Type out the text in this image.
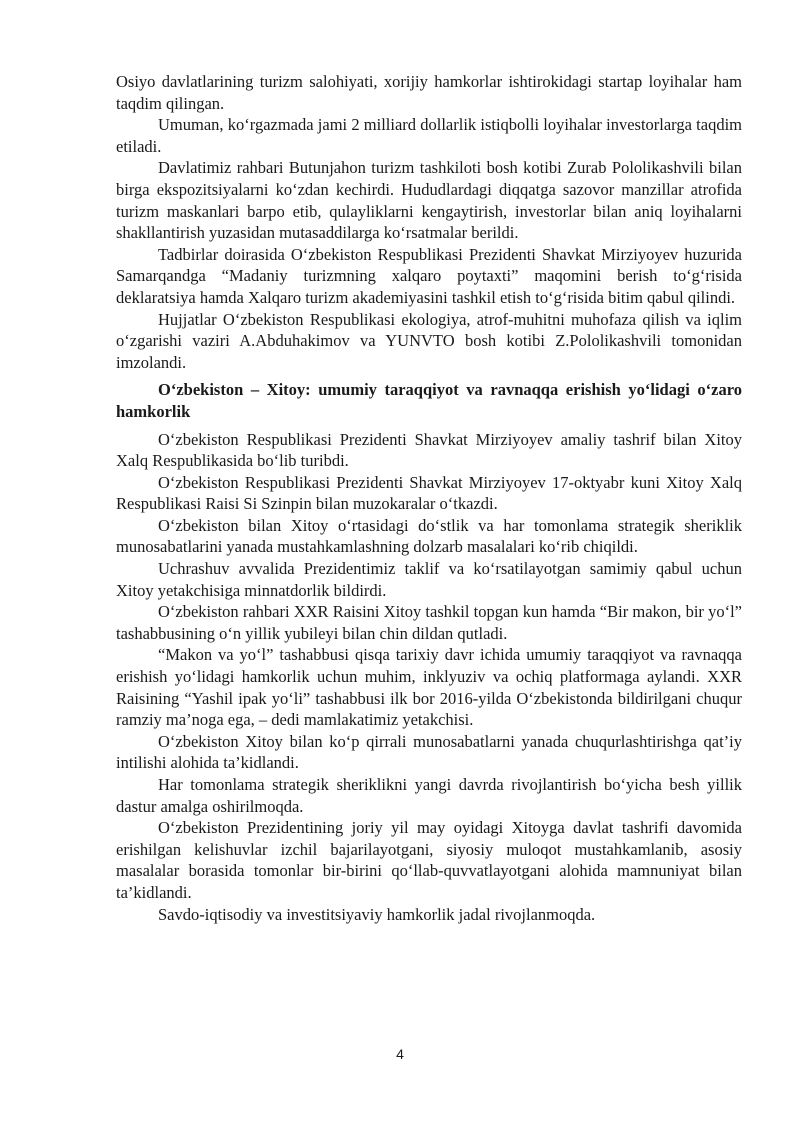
Osiyo davlatlarining turizm salohiyati, xorijiy hamkorlar ishtirokidagi startap loyihalar ham taqdim qilingan.

Umuman, ko‘rgazmada jami 2 milliard dollarlik istiqbolli loyihalar investorlarga taqdim etiladi.

Davlatimiz rahbari Butunjahon turizm tashkiloti bosh kotibi Zurab Pololikashvili bilan birga ekspozitsiyalarni ko‘zdan kechirdi. Hududlardagi diqqatga sazovor manzillar atrofida turizm maskanlari barpo etib, qulayliklarni kengaytirish, investorlar bilan aniq loyihalarni shakllantirish yuzasidan mutasaddilarga ko‘rsatmalar berildi.

Tadbirlar doirasida O‘zbekiston Respublikasi Prezidenti Shavkat Mirziyoyev huzurida Samarqandga “Madaniy turizmning xalqaro poytaxti” maqomini berish to‘g‘risida deklaratsiya hamda Xalqaro turizm akademiyasini tashkil etish to‘g‘risida bitim qabul qilindi.

Hujjatlar O‘zbekiston Respublikasi ekologiya, atrof-muhitni muhofaza qilish va iqlim o‘zgarishi vaziri A.Abduhakimov va YUNVTO bosh kotibi Z.Pololikashvili tomonidan imzolandi.

O‘zbekiston – Xitoy: umumiy taraqqiyot va ravnaqqa erishish yo‘lidagi o‘zaro hamkorlik

O‘zbekiston Respublikasi Prezidenti Shavkat Mirziyoyev amaliy tashrif bilan Xitoy Xalq Respublikasida bo‘lib turibdi.

O‘zbekiston Respublikasi Prezidenti Shavkat Mirziyoyev 17-oktyabr kuni Xitoy Xalq Respublikasi Raisi Si Szinpin bilan muzokaralar o‘tkazdi.

O‘zbekiston bilan Xitoy o‘rtasidagi do‘stlik va har tomonlama strategik sheriklik munosabatlarini yanada mustahkamlashning dolzarb masalalari ko‘rib chiqildi.

Uchrashuv avvalida Prezidentimiz taklif va ko‘rsatilayotgan samimiy qabul uchun Xitoy yetakchisiga minnatdorlik bildirdi.

O‘zbekiston rahbari XXR Raisini Xitoy tashkil topgan kun hamda “Bir makon, bir yo‘l” tashabbusining o‘n yillik yubileyi bilan chin dildan qutladi.

“Makon va yo‘l” tashabbusi qisqa tarixiy davr ichida umumiy taraqqiyot va ravnaqqa erishish yo‘lidagi hamkorlik uchun muhim, inklyuziv va ochiq platformaga aylandi. XXR Raisining “Yashil ipak yo‘li” tashabbusi ilk bor 2016-yilda O‘zbekistonda bildirilgani chuqur ramziy ma’noga ega, – dedi mamlakatimiz yetakchisi.

O‘zbekiston Xitoy bilan ko‘p qirrali munosabatlarni yanada chuqurlashtirishga qat’iy intilishi alohida ta’kidlandi.

Har tomonlama strategik sheriklikni yangi davrda rivojlantirish bo‘yicha besh yillik dastur amalga oshirilmoqda.

O‘zbekiston Prezidentining joriy yil may oyidagi Xitoyga davlat tashrifi davomida erishilgan kelishuvlar izchil bajarilayotgani, siyosiy muloqot mustahkamlanib, asosiy masalalar borasida tomonlar bir-birini qo‘llab-quvvatlayotgani alohida mamnuniyat bilan ta’kidlandi.

Savdo-iqtisodiy va investitsiyaviy hamkorlik jadal rivojlanmoqda.

4
